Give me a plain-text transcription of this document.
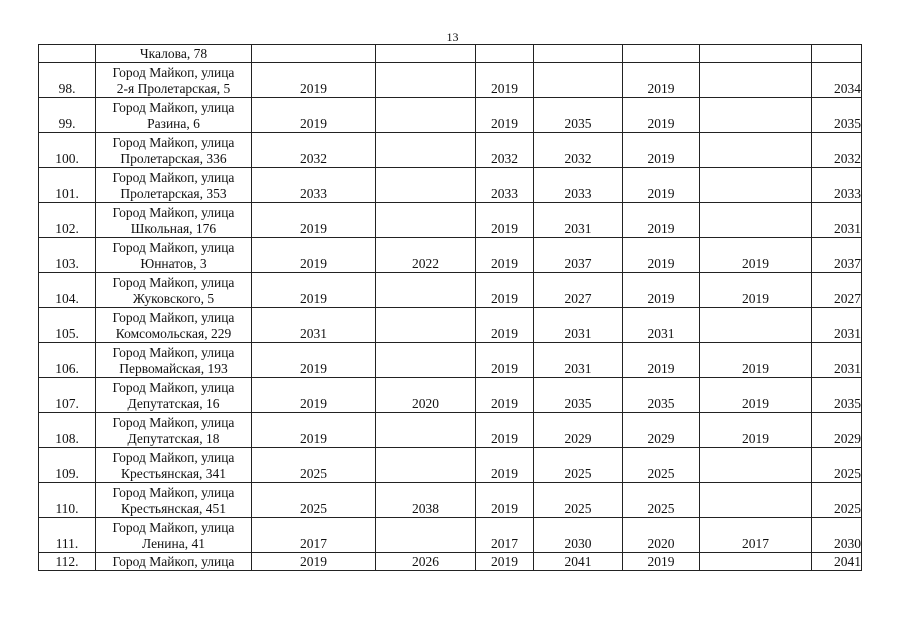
13

	Чкалова, 78							

98.	Город Майкоп, улица
2-я Пролетарская, 5	2019		2019		2019		2034
99.	Город Майкоп, улица
Разина, 6	2019		2019	2035	2019		2035
100.	Город Майкоп, улица
Пролетарская, 336	2032		2032	2032	2019		2032
101.	Город Майкоп, улица
Пролетарская, 353	2033		2033	2033	2019		2033
102.	Город Майкоп, улица
Школьная, 176	2019		2019	2031	2019		2031
103.	Город Майкоп, улица
Юннатов, 3	2019	2022	2019	2037	2019	2019	2037
104.	Город Майкоп, улица
Жуковского, 5	2019		2019	2027	2019	2019	2027
105.	Город Майкоп, улица
Комсомольская, 229	2031		2019	2031	2031		2031
106.	Город Майкоп, улица
Первомайская, 193	2019		2019	2031	2019	2019	2031
107.	Город Майкоп, улица
Депутатская, 16	2019	2020	2019	2035	2035	2019	2035
108.	Город Майкоп, улица
Депутатская, 18	2019		2019	2029	2029	2019	2029
109.	Город Майкоп, улица
Крестьянская, 341	2025		2019	2025	2025		2025
110.	Город Майкоп, улица
Крестьянская, 451	2025	2038	2019	2025	2025		2025
111.	Город Майкоп, улица
Ленина, 41	2017		2017	2030	2020	2017	2030
112.	Город Майкоп, улица	2019	2026	2019	2041	2019		2041
